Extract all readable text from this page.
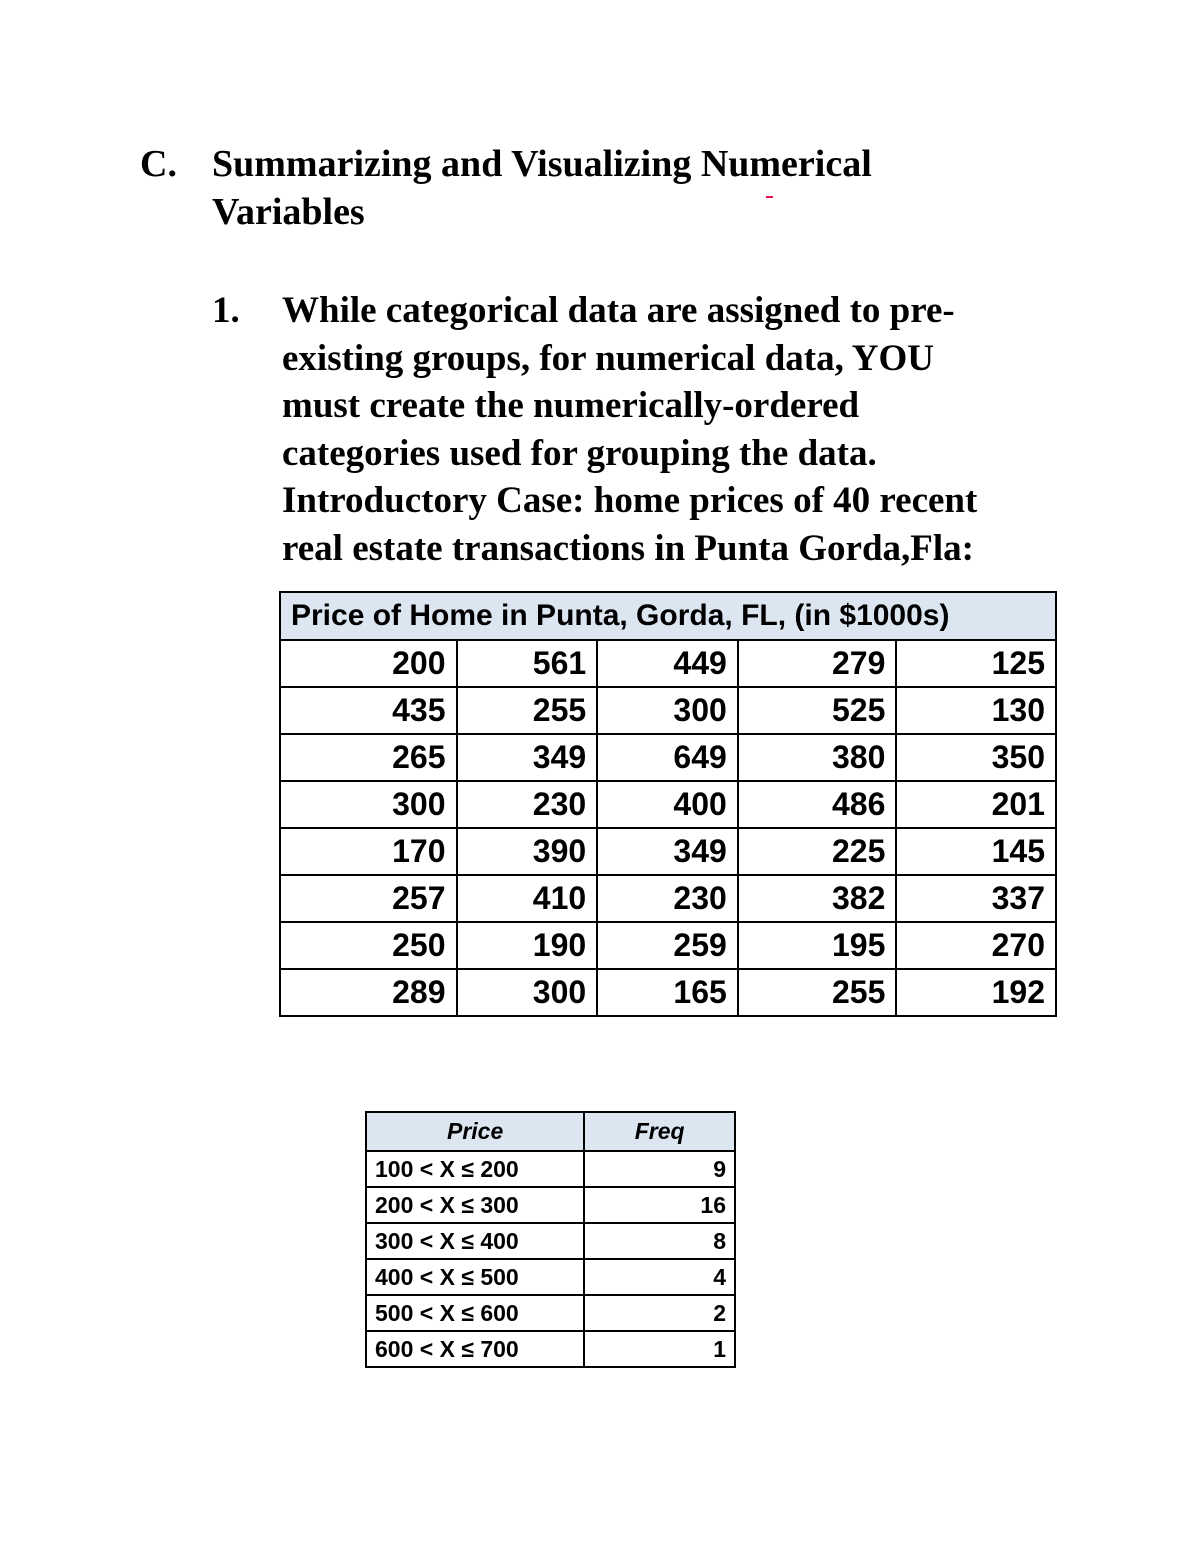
C. Summarizing and Visualizing Numerical Variables
1. While categorical data are assigned to pre-
existing groups, for numerical data, YOU
must create the numerically-ordered
categories used for grouping the data.
Introductory Case: home prices of 40 recent
real estate transactions in Punta Gorda,Fla:
Price of Home in Punta, Gorda, FL, (in $1000s)				
200	561	449	279	125
435	255	300	525	130
265	349	649	380	350
300	230	400	486	201
170	390	349	225	145
257	410	230	382	337
250	190	259	195	270
289	300	165	255	192
Price	Freq
100 < X ≤ 200	9
200 < X ≤ 300	16
300 < X ≤ 400	8
400 < X ≤ 500	4
500 < X ≤ 600	2
600 < X ≤ 700	1
